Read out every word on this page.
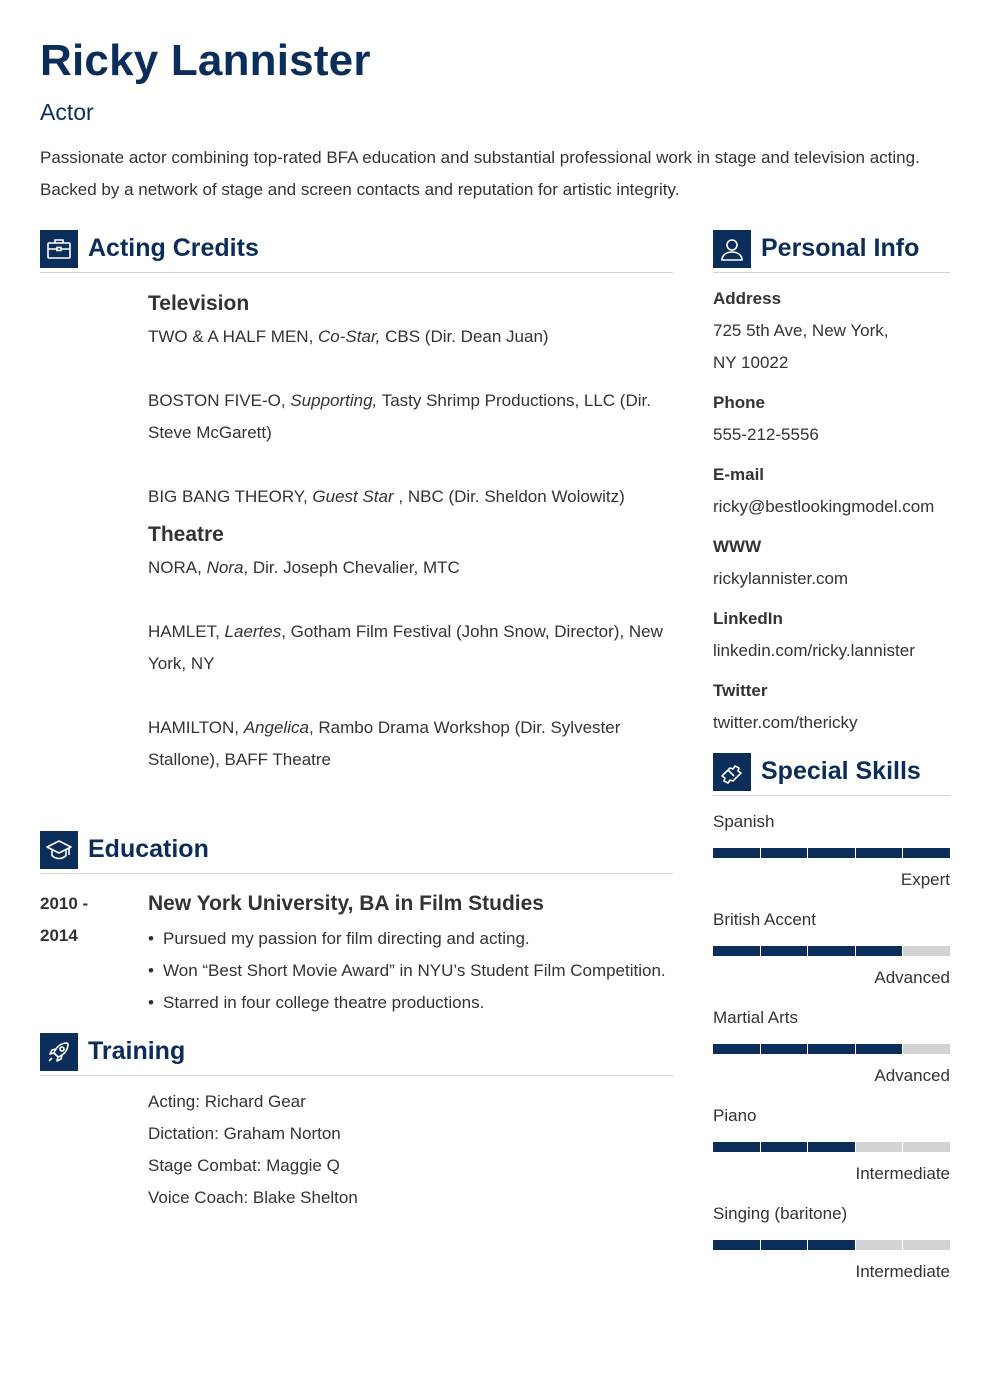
Ricky Lannister
Actor
Passionate actor combining top-rated BFA education and substantial professional work in stage and television acting. Backed by a network of stage and screen contacts and reputation for artistic integrity.
Acting Credits
Television
TWO & A HALF MEN, Co-Star, CBS (Dir. Dean Juan)
BOSTON FIVE-O, Supporting, Tasty Shrimp Productions, LLC (Dir. Steve McGarett)
BIG BANG THEORY, Guest Star , NBC (Dir. Sheldon Wolowitz)
Theatre
NORA, Nora, Dir. Joseph Chevalier, MTC
HAMLET, Laertes, Gotham Film Festival (John Snow, Director), New York, NY
HAMILTON, Angelica, Rambo Drama Workshop (Dir. Sylvester Stallone), BAFF Theatre
Education
2010 -
2014
New York University, BA in Film Studies
• Pursued my passion for film directing and acting.
• Won “Best Short Movie Award” in NYU’s Student Film Competition.
• Starred in four college theatre productions.
Training
Acting: Richard Gear
Dictation: Graham Norton
Stage Combat: Maggie Q
Voice Coach: Blake Shelton
Personal Info
Address
725 5th Ave, New York,
NY 10022
Phone
555-212-5556
E-mail
ricky@bestlookingmodel.com
WWW
rickylannister.com
LinkedIn
linkedin.com/ricky.lannister
Twitter
twitter.com/thericky
Special Skills
Spanish
Expert
British Accent
Advanced
Martial Arts
Advanced
Piano
Intermediate
Singing (baritone)
Intermediate
